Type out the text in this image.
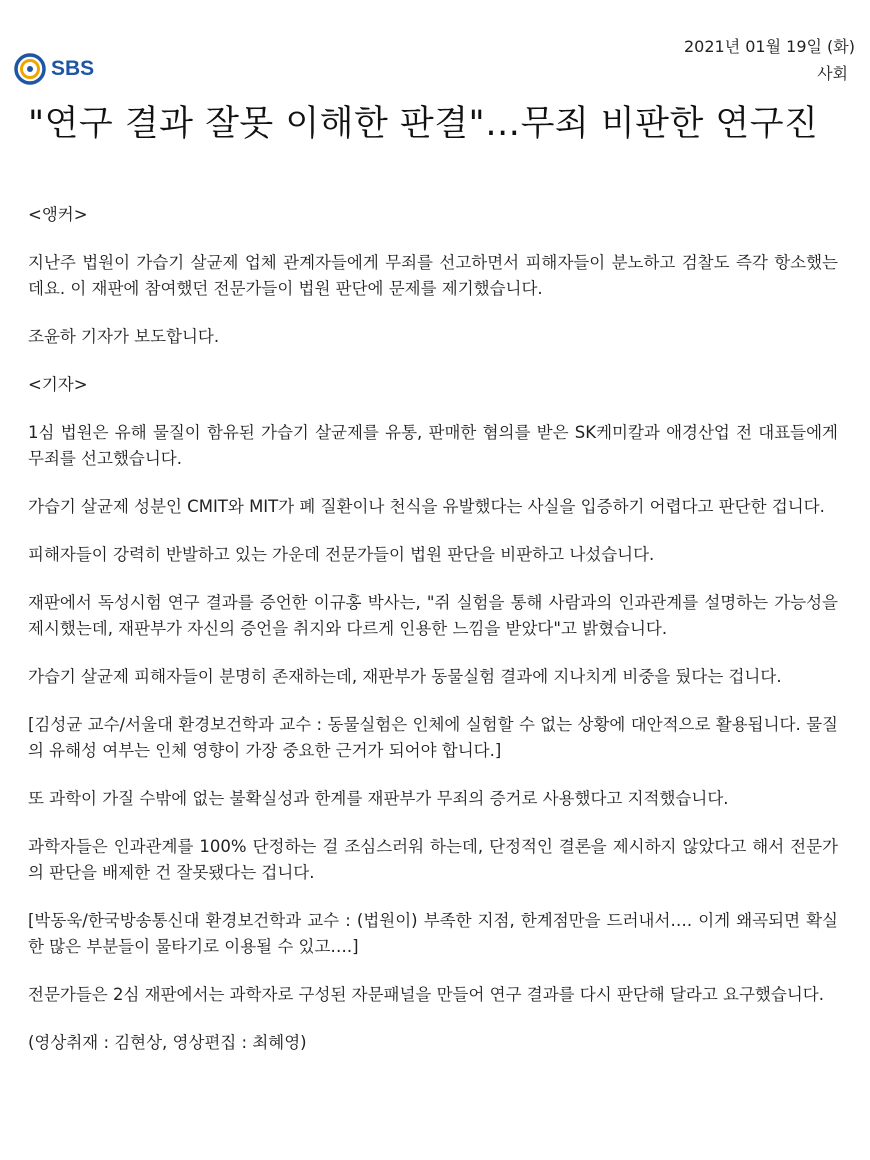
SBS
2021년 01월 19일 (화)
사회
"연구 결과 잘못 이해한 판결"…무죄 비판한 연구진

<앵커>

지난주 법원이 가습기 살균제 업체 관계자들에게 무죄를 선고하면서 피해자들이 분노하고 검찰도 즉각 항소했는데요. 이 재판에 참여했던 전문가들이 법원 판단에 문제를 제기했습니다.

조윤하 기자가 보도합니다.

<기자>

1심 법원은 유해 물질이 함유된 가습기 살균제를 유통, 판매한 혐의를 받은 SK케미칼과 애경산업 전 대표들에게 무죄를 선고했습니다.

가습기 살균제 성분인 CMIT와 MIT가 폐 질환이나 천식을 유발했다는 사실을 입증하기 어렵다고 판단한 겁니다.

피해자들이 강력히 반발하고 있는 가운데 전문가들이 법원 판단을 비판하고 나섰습니다.

재판에서 독성시험 연구 결과를 증언한 이규홍 박사는, "쥐 실험을 통해 사람과의 인과관계를 설명하는 가능성을 제시했는데, 재판부가 자신의 증언을 취지와 다르게 인용한 느낌을 받았다"고 밝혔습니다.

가습기 살균제 피해자들이 분명히 존재하는데, 재판부가 동물실험 결과에 지나치게 비중을 뒀다는 겁니다.

[김성균 교수/서울대 환경보건학과 교수 : 동물실험은 인체에 실험할 수 없는 상황에 대안적으로 활용됩니다. 물질의 유해성 여부는 인체 영향이 가장 중요한 근거가 되어야 합니다.]

또 과학이 가질 수밖에 없는 불확실성과 한계를 재판부가 무죄의 증거로 사용했다고 지적했습니다.

과학자들은 인과관계를 100% 단정하는 걸 조심스러워 하는데, 단정적인 결론을 제시하지 않았다고 해서 전문가의 판단을 배제한 건 잘못됐다는 겁니다.

[박동욱/한국방송통신대 환경보건학과 교수 : (법원이) 부족한 지점, 한계점만을 드러내서…. 이게 왜곡되면 확실한 많은 부분들이 물타기로 이용될 수 있고….]

전문가들은 2심 재판에서는 과학자로 구성된 자문패널을 만들어 연구 결과를 다시 판단해 달라고 요구했습니다.

(영상취재 : 김현상, 영상편집 : 최혜영)
